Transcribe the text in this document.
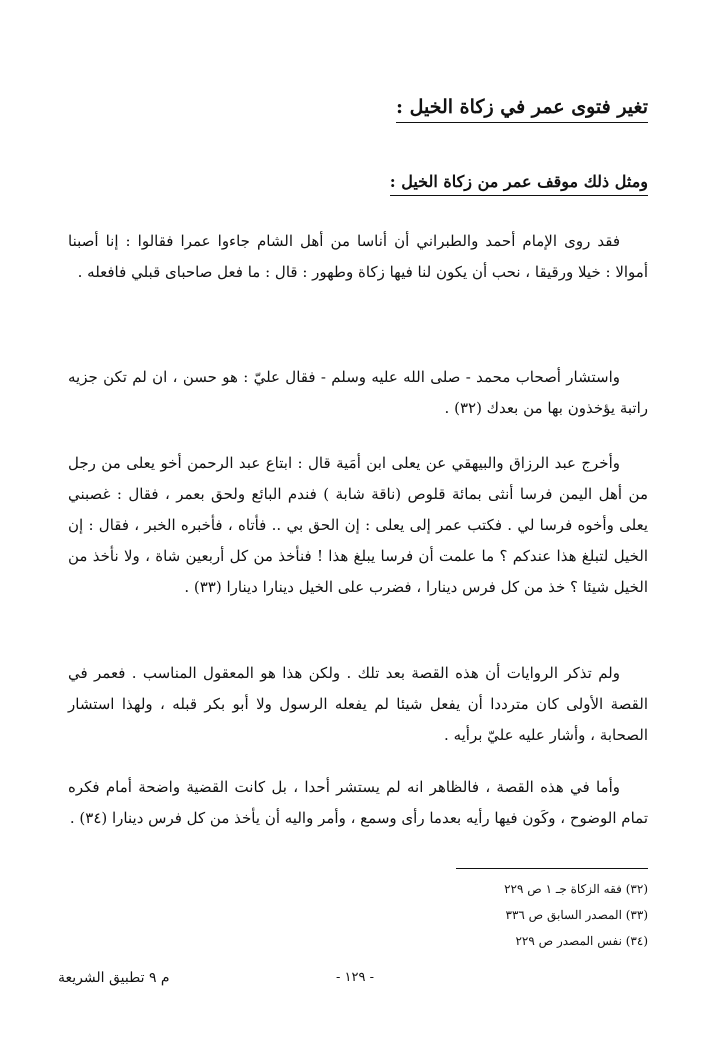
تغير فتوى عمر في زكاة الخيل :
ومثل ذلك موقف عمر من زكاة الخيل :
فقد روى الإمام أحمد والطبراني أن أناسا من أهل الشام جاءوا عمرا فقالوا : إنا أصبنا أموالا : خيلا ورقيقا ، نحب أن يكون لنا فيها زكاة وطهور : قال : ما فعل صاحباى قبلي فافعله .
واستشار أصحاب محمد - صلى الله عليه وسلم - فقال عليّ : هو حسن ، ان لم تكن جزيه راتبة يؤخذون بها من بعدك (٣٢) .
وأخرج عبد الرزاق والبيهقي عن يعلى ابن أمَية قال : ابتاع عبد الرحمن أخو يعلى من رجل من أهل اليمن فرسا أنثى بمائة قلوص (ناقة شابة ) فندم البائع ولحق بعمر ، فقال : غصبني يعلى وأخوه فرسا لي . فكتب عمر إلى يعلى : إن الحق بي .. فأتاه ، فأخبره الخبر ، فقال : إن الخيل لتبلغ هذا عندكم ؟ ما علمت أن فرسا يبلغ هذا ! فنأخذ من كل أربعين شاة ، ولا نأخذ من الخيل شيئا ؟ خذ من كل فرس دينارا ، فضرب على الخيل دينارا دينارا (٣٣) .
ولم تذكر الروايات أن هذه القصة بعد تلك . ولكن هذا هو المعقول المناسب . فعمر في القصة الأولى كان مترددا أن يفعل شيئا لم يفعله الرسول ولا أبو بكر قبله ، ولهذا استشار الصحابة ، وأشار عليه عليّ برأيه .
وأما في هذه القصة ، فالظاهر انه لم يستشر أحدا ، بل كانت القضية واضحة أمام فكره تمام الوضوح ، وكَون فيها رأيه بعدما رأى وسمع ، وأمر واليه أن يأخذ من كل فرس دينارا (٣٤) .
(٣٢) فقه الزكاة جـ ١ ص ٢٢٩
(٣٣) المصدر السابق ص ٣٣٦
(٣٤) نفس المصدر ص ٢٢٩
- ١٢٩ -
م ٩ تطبيق الشريعة
